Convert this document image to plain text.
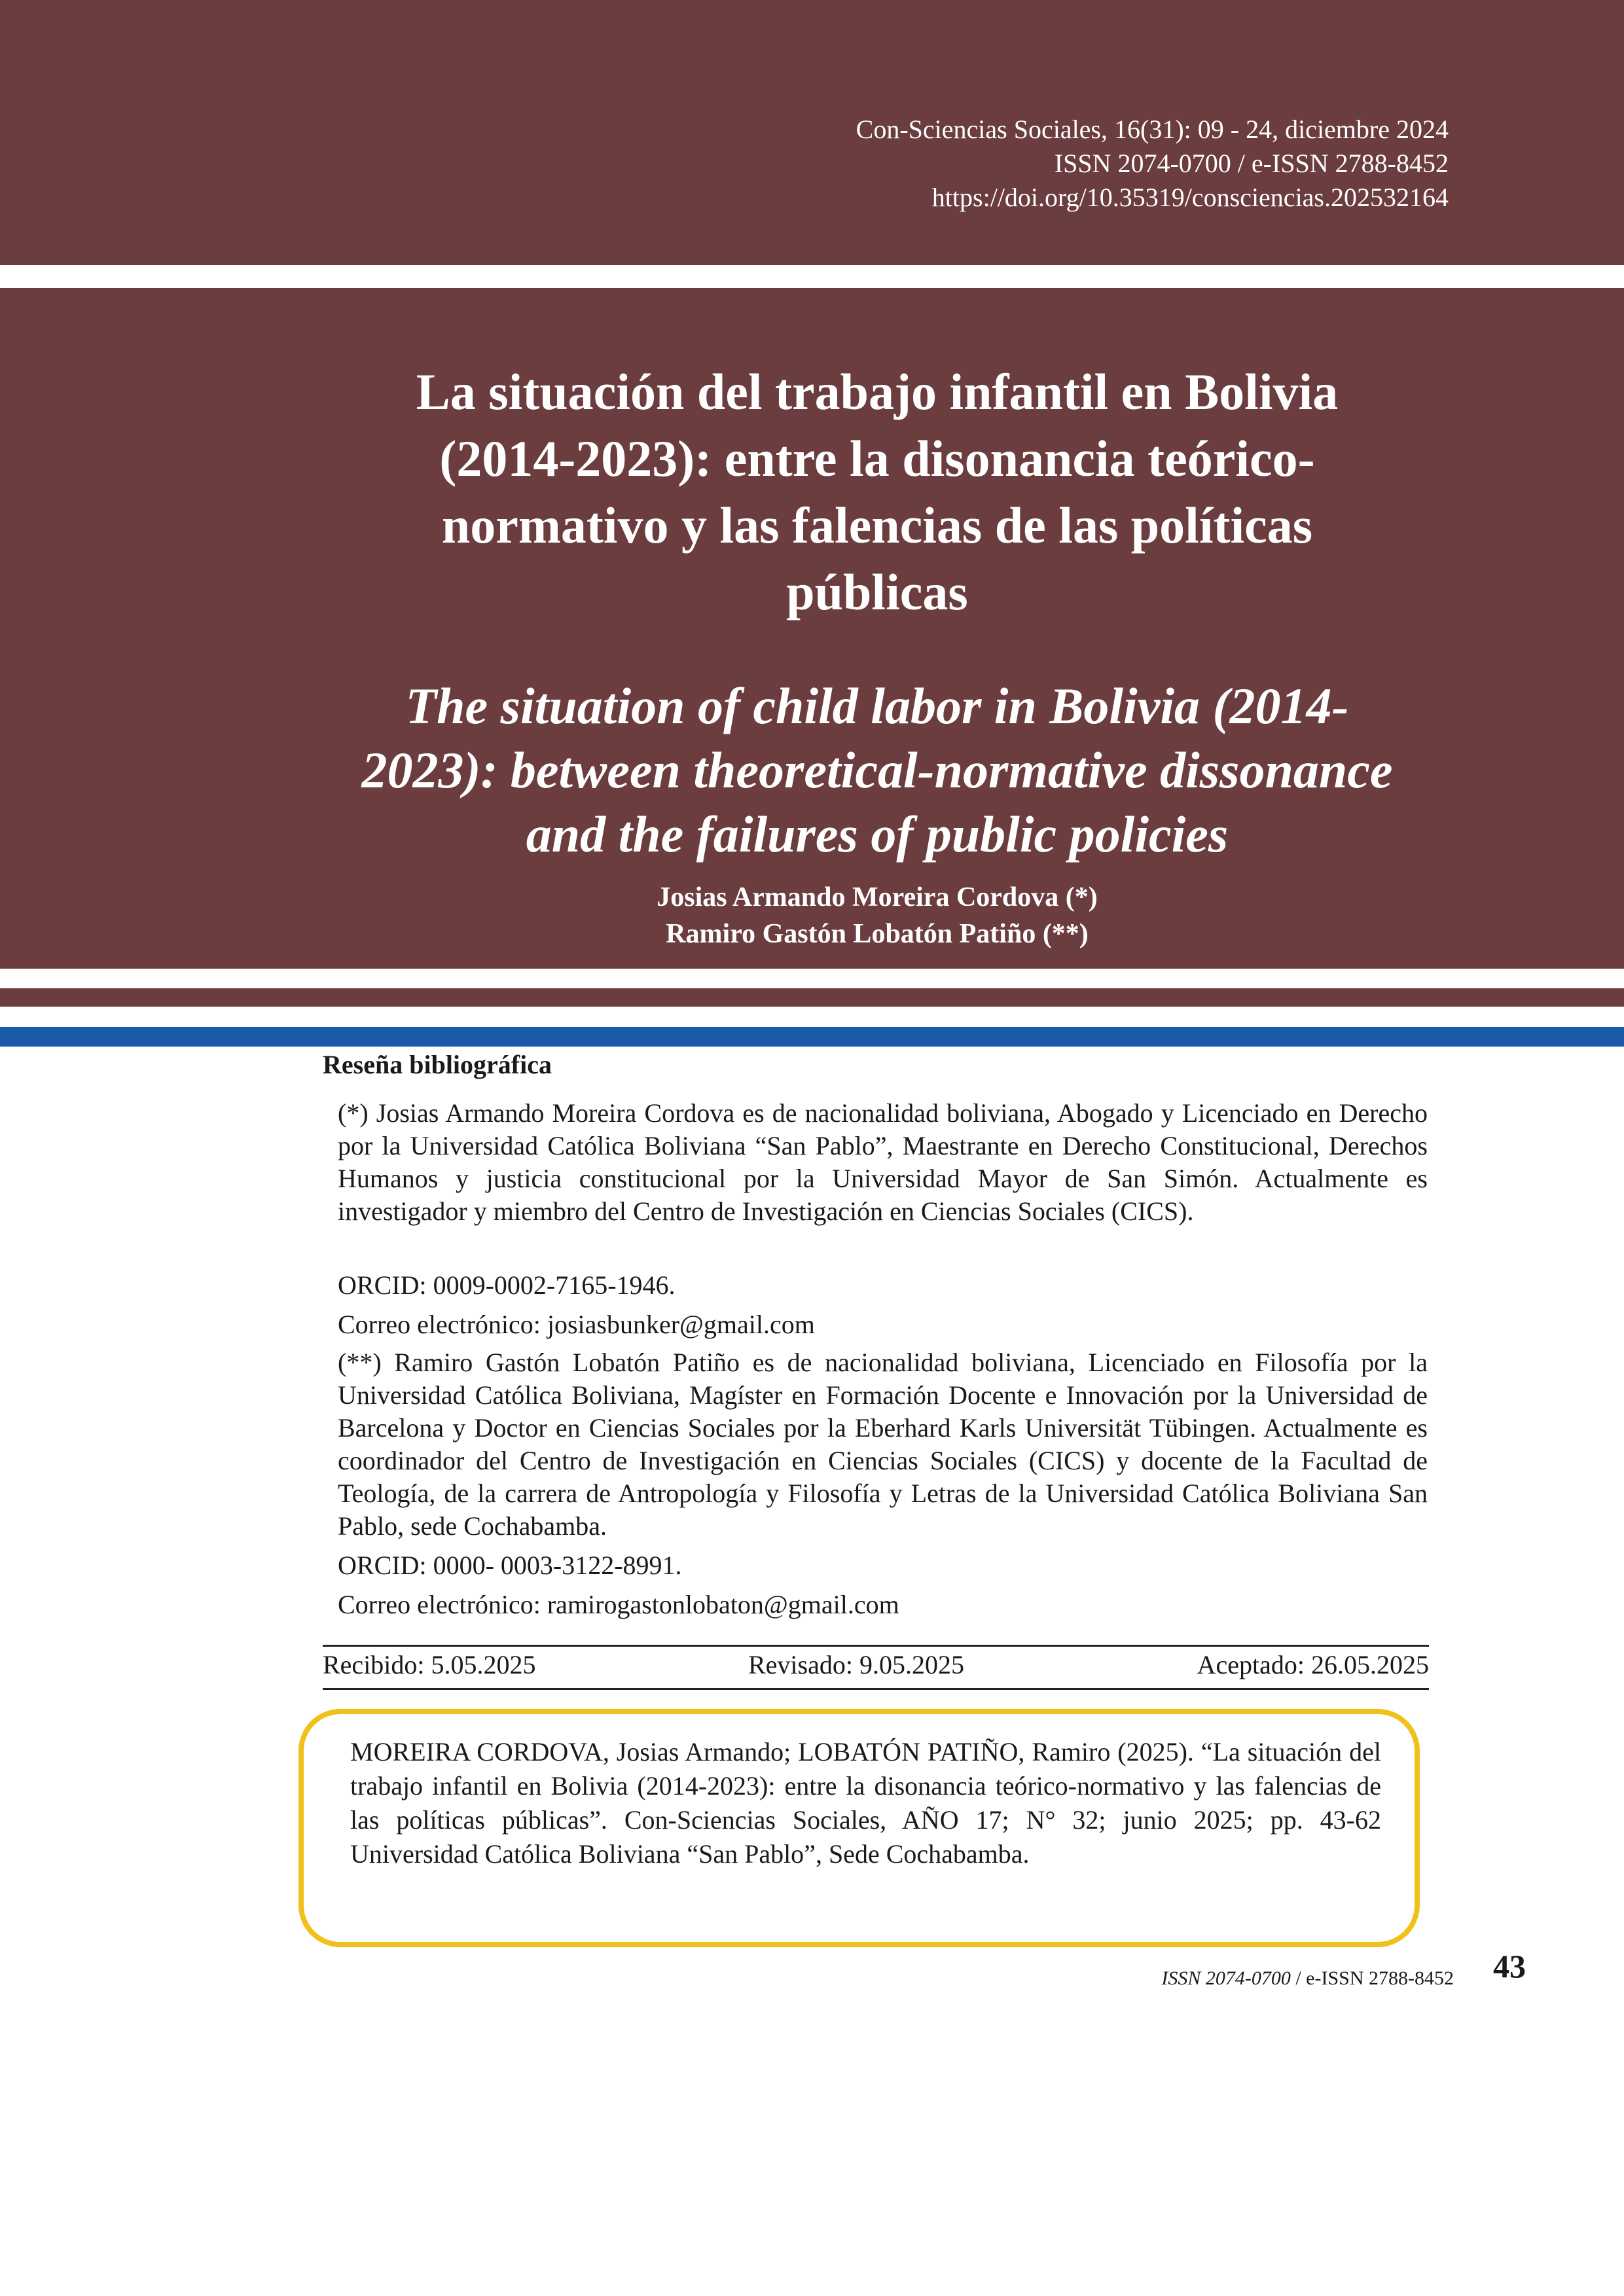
Con-Sciencias Sociales, 16(31): 09 - 24, diciembre 2024
ISSN 2074-0700 / e-ISSN 2788-8452
https://doi.org/10.35319/consciencias.202532164
La situación del trabajo infantil en Bolivia
(2014-2023): entre la disonancia teórico-
normativo y las falencias de las políticas
públicas
The situation of child labor in Bolivia (2014-
2023): between theoretical-normative dissonance
and the failures of public policies
Josias Armando Moreira Cordova (*)
Ramiro Gastón Lobatón Patiño (**)
Reseña bibliográfica
(*) Josias Armando Moreira Cordova es de nacionalidad boliviana, Abogado y Licenciado en Derecho por la Universidad Católica Boliviana “San Pablo”, Maestrante en Derecho Constitucional, Derechos Humanos y justicia constitucional por la Universidad Mayor de San Simón. Actualmente es investigador y miembro del Centro de Investigación en Ciencias Sociales (CICS).
ORCID: 0009-0002-7165-1946.
Correo electrónico: josiasbunker@gmail.com
(**) Ramiro Gastón Lobatón Patiño es de nacionalidad boliviana, Licenciado en Filosofía por la Universidad Católica Boliviana, Magíster en Formación Docente e Innovación por la Universidad de Barcelona y Doctor en Ciencias Sociales por la Eberhard Karls Universität Tübingen. Actualmente es coordinador del Centro de Investigación en Ciencias Sociales (CICS) y docente de la Facultad de Teología, de la carrera de Antropología y Filosofía y Letras de la Universidad Católica Boliviana San Pablo, sede Cochabamba.
ORCID: 0000- 0003-3122-8991.
Correo electrónico: ramirogastonlobaton@gmail.com
Recibido: 5.05.2025	Revisado: 9.05.2025	Aceptado: 26.05.2025
MOREIRA CORDOVA, Josias Armando; LOBATÓN PATIÑO, Ramiro (2025). “La situación del trabajo infantil en Bolivia (2014-2023): entre la disonancia teórico-normativo y las falencias de las políticas públicas”. Con-Sciencias Sociales, AÑO 17; N° 32; junio 2025; pp. 43-62 Universidad Católica Boliviana “San Pablo”, Sede Cochabamba.
ISSN 2074-0700 / e-ISSN 2788-8452 43
